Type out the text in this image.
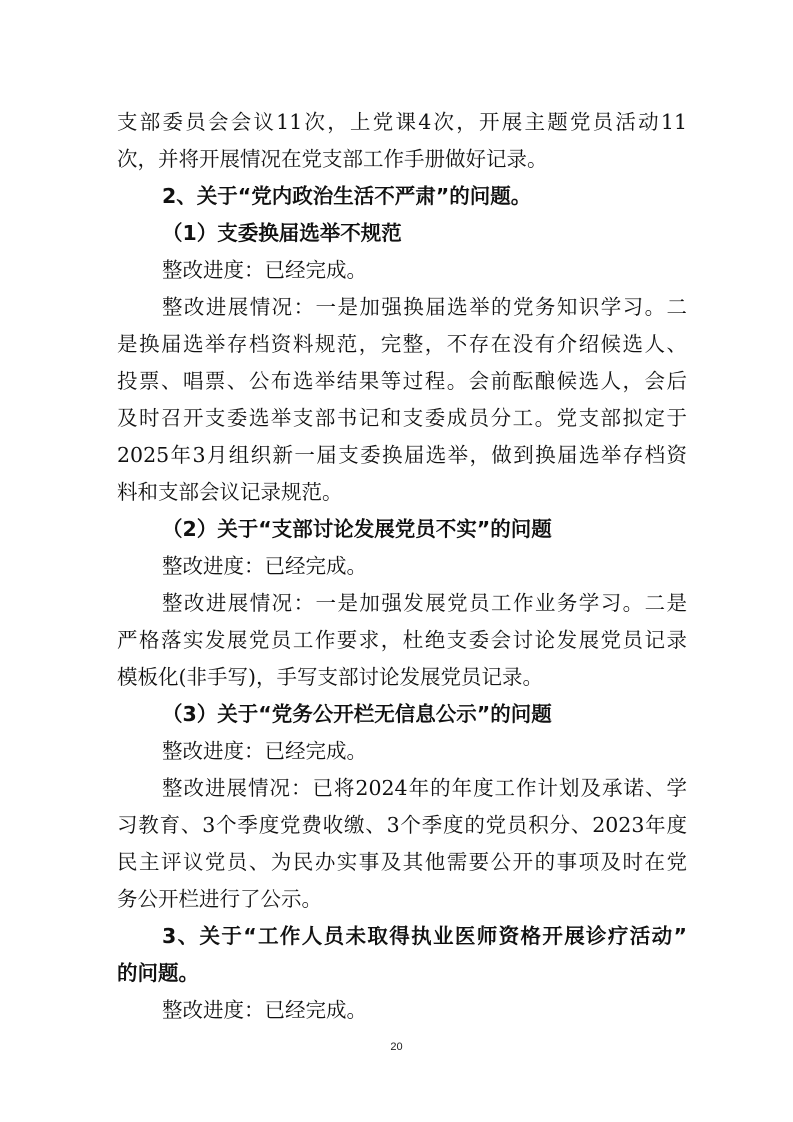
支部委员会会议11次，上党课4次，开展主题党员活动11
次，并将开展情况在党支部工作手册做好记录。
2、关于“党内政治生活不严肃”的问题。
（1）支委换届选举不规范
整改进度：已经完成。
整改进展情况：一是加强换届选举的党务知识学习。二
是换届选举存档资料规范，完整，不存在没有介绍候选人、
投票、唱票、公布选举结果等过程。会前酝酿候选人，会后
及时召开支委选举支部书记和支委成员分工。党支部拟定于
2025年3月组织新一届支委换届选举，做到换届选举存档资
料和支部会议记录规范。
（2）关于“支部讨论发展党员不实”的问题
整改进度：已经完成。
整改进展情况：一是加强发展党员工作业务学习。二是
严格落实发展党员工作要求，杜绝支委会讨论发展党员记录
模板化(非手写)，手写支部讨论发展党员记录。
（3）关于“党务公开栏无信息公示”的问题
整改进度：已经完成。
整改进展情况：已将2024年的年度工作计划及承诺、学
习教育、3个季度党费收缴、3个季度的党员积分、2023年度
民主评议党员、为民办实事及其他需要公开的事项及时在党
务公开栏进行了公示。
3、关于“工作人员未取得执业医师资格开展诊疗活动”
的问题。
整改进度：已经完成。
20
